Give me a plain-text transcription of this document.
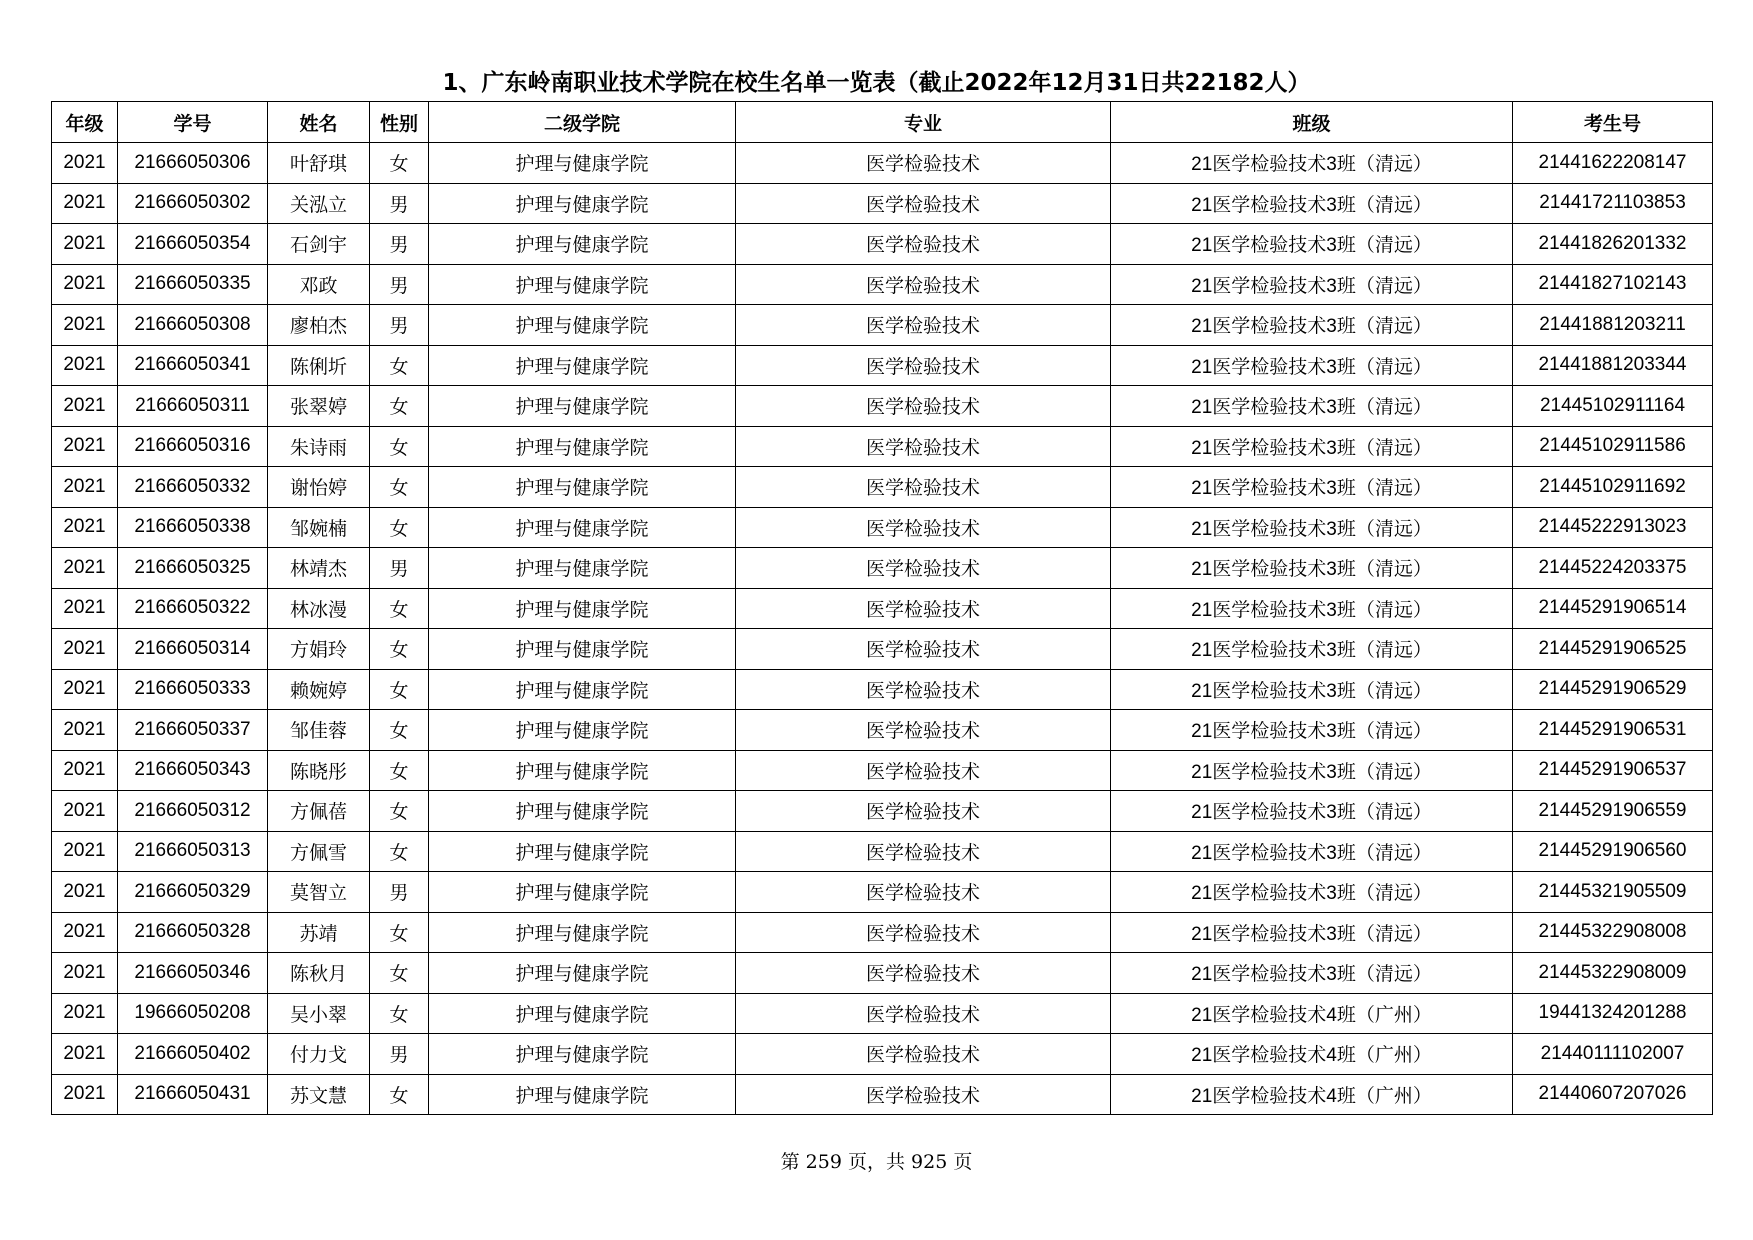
1、广东岭南职业技术学院在校生名单一览表（截止2022年12月31日共22182人）
年级	学号	姓名	性别	二级学院	专业	班级	考生号
2021	21666050306	叶舒琪	女	护理与健康学院	医学检验技术	21医学检验技术3班（清远）	21441622208147
2021	21666050302	关泓立	男	护理与健康学院	医学检验技术	21医学检验技术3班（清远）	21441721103853
2021	21666050354	石剑宇	男	护理与健康学院	医学检验技术	21医学检验技术3班（清远）	21441826201332
2021	21666050335	邓政	男	护理与健康学院	医学检验技术	21医学检验技术3班（清远）	21441827102143
2021	21666050308	廖柏杰	男	护理与健康学院	医学检验技术	21医学检验技术3班（清远）	21441881203211
2021	21666050341	陈俐圻	女	护理与健康学院	医学检验技术	21医学检验技术3班（清远）	21441881203344
2021	21666050311	张翠婷	女	护理与健康学院	医学检验技术	21医学检验技术3班（清远）	21445102911164
2021	21666050316	朱诗雨	女	护理与健康学院	医学检验技术	21医学检验技术3班（清远）	21445102911586
2021	21666050332	谢怡婷	女	护理与健康学院	医学检验技术	21医学检验技术3班（清远）	21445102911692
2021	21666050338	邹婉楠	女	护理与健康学院	医学检验技术	21医学检验技术3班（清远）	21445222913023
2021	21666050325	林靖杰	男	护理与健康学院	医学检验技术	21医学检验技术3班（清远）	21445224203375
2021	21666050322	林冰漫	女	护理与健康学院	医学检验技术	21医学检验技术3班（清远）	21445291906514
2021	21666050314	方娟玲	女	护理与健康学院	医学检验技术	21医学检验技术3班（清远）	21445291906525
2021	21666050333	赖婉婷	女	护理与健康学院	医学检验技术	21医学检验技术3班（清远）	21445291906529
2021	21666050337	邹佳蓉	女	护理与健康学院	医学检验技术	21医学检验技术3班（清远）	21445291906531
2021	21666050343	陈晓彤	女	护理与健康学院	医学检验技术	21医学检验技术3班（清远）	21445291906537
2021	21666050312	方佩蓓	女	护理与健康学院	医学检验技术	21医学检验技术3班（清远）	21445291906559
2021	21666050313	方佩雪	女	护理与健康学院	医学检验技术	21医学检验技术3班（清远）	21445291906560
2021	21666050329	莫智立	男	护理与健康学院	医学检验技术	21医学检验技术3班（清远）	21445321905509
2021	21666050328	苏靖	女	护理与健康学院	医学检验技术	21医学检验技术3班（清远）	21445322908008
2021	21666050346	陈秋月	女	护理与健康学院	医学检验技术	21医学检验技术3班（清远）	21445322908009
2021	19666050208	吴小翠	女	护理与健康学院	医学检验技术	21医学检验技术4班（广州）	19441324201288
2021	21666050402	付力戈	男	护理与健康学院	医学检验技术	21医学检验技术4班（广州）	21440111102007
2021	21666050431	苏文慧	女	护理与健康学院	医学检验技术	21医学检验技术4班（广州）	21440607207026
第 259 页，共 925 页
